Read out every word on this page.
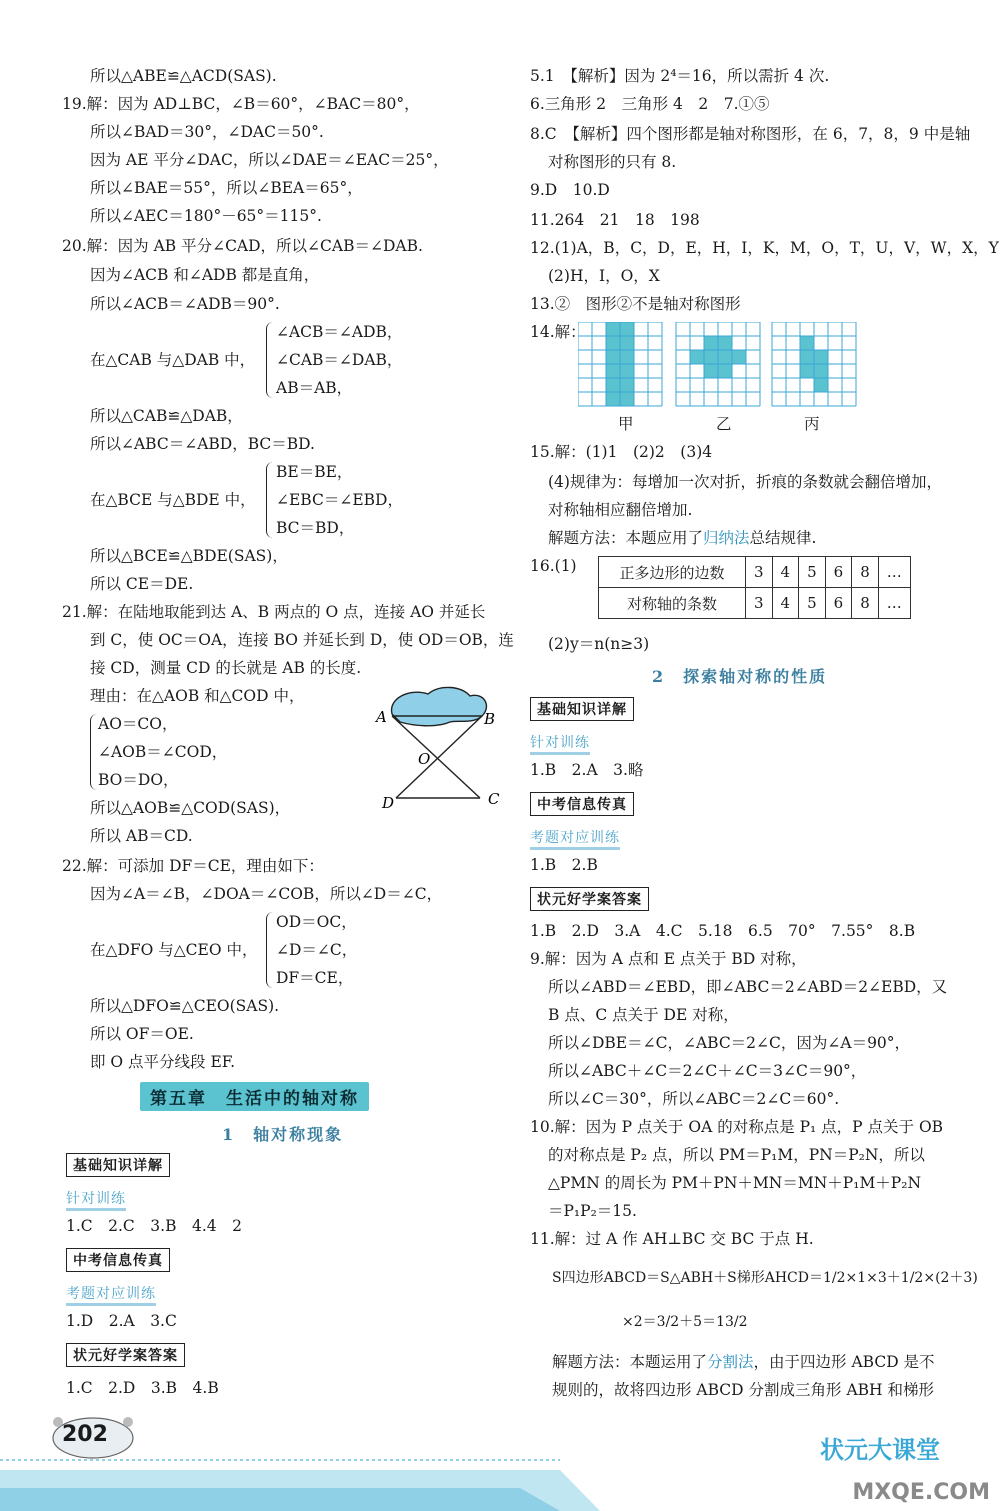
所以△ABE≌△ACD(SAS).
19.解：因为 AD⊥BC，∠B＝60°，∠BAC＝80°，
所以∠BAD＝30°，∠DAC＝50°.
因为 AE 平分∠DAC，所以∠DAE＝∠EAC＝25°，
所以∠BAE＝55°，所以∠BEA＝65°，
所以∠AEC＝180°－65°＝115°.
20.解：因为 AB 平分∠CAD，所以∠CAB＝∠DAB.
因为∠ACB 和∠ADB 都是直角，
所以∠ACB＝∠ADB＝90°.
在△CAB 与△DAB 中，
∠ACB＝∠ADB，
∠CAB＝∠DAB，
AB＝AB，
所以△CAB≌△DAB，
所以∠ABC＝∠ABD，BC＝BD.
在△BCE 与△BDE 中，
BE＝BE，
∠EBC＝∠EBD，
BC＝BD，
所以△BCE≌△BDE(SAS)，
所以 CE＝DE.
21.解：在陆地取能到达 A、B 两点的 O 点，连接 AO 并延长
到 C，使 OC＝OA，连接 BO 并延长到 D，使 OD＝OB，连
接 CD，测量 CD 的长就是 AB 的长度.
理由：在△AOB 和△COD 中，
AO＝CO，
∠AOB＝∠COD，
BO＝DO，
A	B
O
C
D
所以△AOB≌△COD(SAS)，
所以 AB＝CD.
22.解：可添加 DF＝CE，理由如下：
因为∠A＝∠B，∠DOA＝∠COB，所以∠D＝∠C，
在△DFO 与△CEO 中，
OD＝OC，
∠D＝∠C，
DF＝CE，
所以△DFO≌△CEO(SAS).
所以 OF＝OE.
即 O 点平分线段 EF.
第五章　生活中的轴对称
1　轴对称现象
基础知识详解
针对训练
1.C　2.C　3.B　4.4　2
中考信息传真
考题对应训练
1.D　2.A　3.C
状元好学案答案
1.C　2.D　3.B　4.B
5.1　【解析】因为 2⁴＝16，所以需折 4 次.
6.三角形 2　三角形 4　2　7.①⑤
8.C　【解析】四个图形都是轴对称图形，在 6，7，8，9 中是轴
对称图形的只有 8.
9.D　10.D
11.264　21　18　198
12.(1)A，B，C，D，E，H，I，K，M，O，T，U，V，W，X，Y
(2)H，I，O，X
13.②　图形②不是轴对称图形
14.解：
甲	乙	丙
15.解：(1)1　(2)2　(3)4
(4)规律为：每增加一次对折，折痕的条数就会翻倍增加，
对称轴相应翻倍增加.
解题方法：本题应用了归纳法总结规律.
16.(1)	正多边形的边数	3	4	5	6	8	…
对称轴的条数	3	4	5	6	8	…
(2)y＝n(n≥3)
2　探索轴对称的性质
基础知识详解
针对训练
1.B　2.A　3.略
中考信息传真
考题对应训练
1.B　2.B
状元好学案答案
1.B　2.D　3.A　4.C　5.18　6.5　70°　7.55°　8.B
9.解：因为 A 点和 E 点关于 BD 对称，
所以∠ABD＝∠EBD，即∠ABC＝2∠ABD＝2∠EBD，又
B 点、C 点关于 DE 对称，
所以∠DBE＝∠C，∠ABC＝2∠C，因为∠A＝90°，
所以∠ABC＋∠C＝2∠C＋∠C＝3∠C＝90°，
所以∠C＝30°，所以∠ABC＝2∠C＝60°.
10.解：因为 P 点关于 OA 的对称点是 P₁ 点，P 点关于 OB
的对称点是 P₂ 点，所以 PM＝P₁M，PN＝P₂N，所以
△PMN 的周长为 PM＋PN＋MN＝MN＋P₁M＋P₂N
＝P₁P₂＝15.
11.解：过 A 作 AH⊥BC 交 BC 于点 H.
S四边形ABCD＝S△ABH＋S梯形AHCD＝1/2×1×3＋1/2×(2＋3)
×2＝3/2＋5＝13/2
解题方法：本题运用了分割法，由于四边形 ABCD 是不
规则的，故将四边形 ABCD 分割成三角形 ABH 和梯形
202
状元大课堂
MXQE.COM
